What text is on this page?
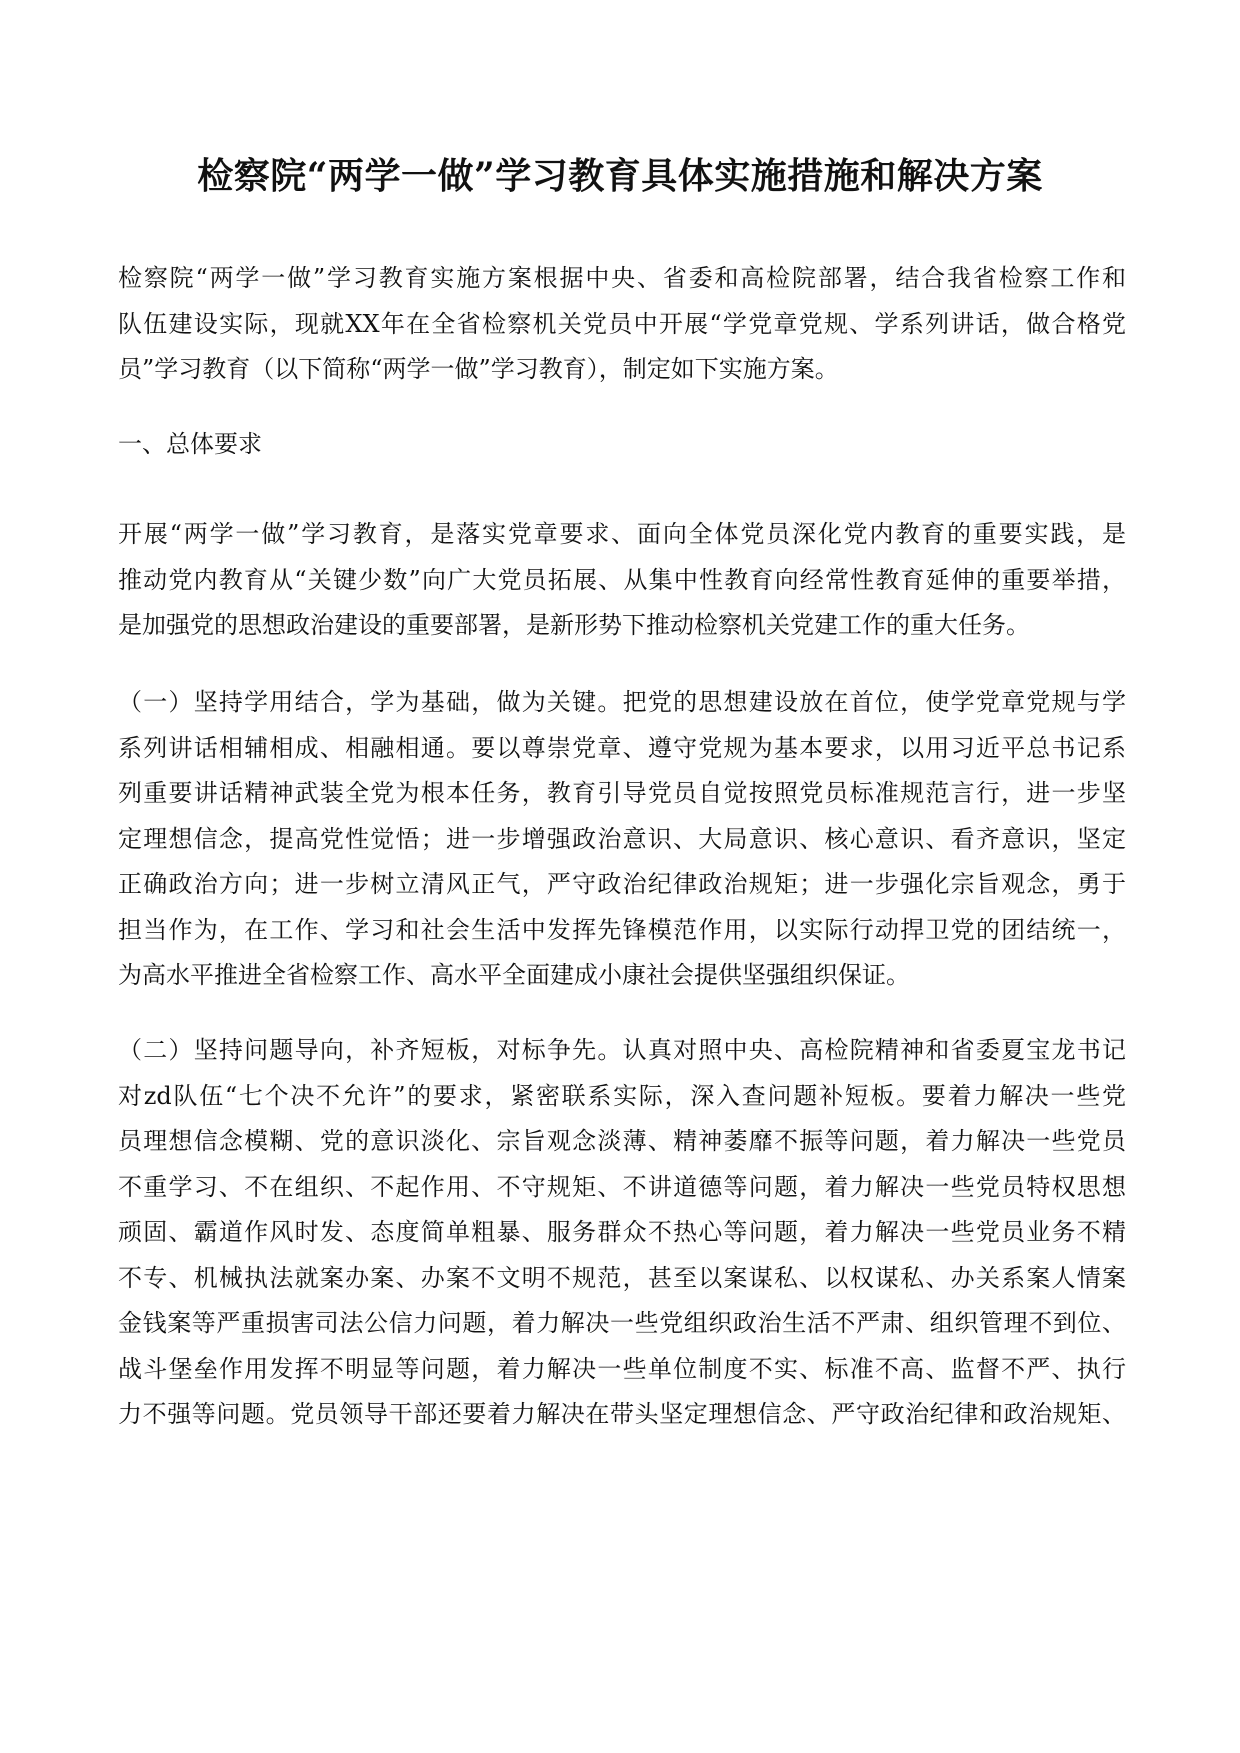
检察院“两学一做”学习教育具体实施措施和解决方案
检察院“两学一做”学习教育实施方案根据中央、省委和高检院部署，结合我省检察工作和
队伍建设实际，现就XX年在全省检察机关党员中开展“学党章党规、学系列讲话，做合格党
员”学习教育（以下简称“两学一做”学习教育），制定如下实施方案。
一、总体要求
开展“两学一做”学习教育，是落实党章要求、面向全体党员深化党内教育的重要实践，是
推动党内教育从“关键少数”向广大党员拓展、从集中性教育向经常性教育延伸的重要举措，
是加强党的思想政治建设的重要部署，是新形势下推动检察机关党建工作的重大任务。
（一）坚持学用结合，学为基础，做为关键。把党的思想建设放在首位，使学党章党规与学
系列讲话相辅相成、相融相通。要以尊崇党章、遵守党规为基本要求，以用习近平总书记系
列重要讲话精神武装全党为根本任务，教育引导党员自觉按照党员标准规范言行，进一步坚
定理想信念，提高党性觉悟；进一步增强政治意识、大局意识、核心意识、看齐意识，坚定
正确政治方向；进一步树立清风正气，严守政治纪律政治规矩；进一步强化宗旨观念，勇于
担当作为，在工作、学习和社会生活中发挥先锋模范作用，以实际行动捍卫党的团结统一，
为高水平推进全省检察工作、高水平全面建成小康社会提供坚强组织保证。
（二）坚持问题导向，补齐短板，对标争先。认真对照中央、高检院精神和省委夏宝龙书记
对zd队伍“七个决不允许”的要求，紧密联系实际，深入查问题补短板。要着力解决一些党
员理想信念模糊、党的意识淡化、宗旨观念淡薄、精神萎靡不振等问题，着力解决一些党员
不重学习、不在组织、不起作用、不守规矩、不讲道德等问题，着力解决一些党员特权思想
顽固、霸道作风时发、态度简单粗暴、服务群众不热心等问题，着力解决一些党员业务不精
不专、机械执法就案办案、办案不文明不规范，甚至以案谋私、以权谋私、办关系案人情案
金钱案等严重损害司法公信力问题，着力解决一些党组织政治生活不严肃、组织管理不到位、
战斗堡垒作用发挥不明显等问题，着力解决一些单位制度不实、标准不高、监督不严、执行
力不强等问题。党员领导干部还要着力解决在带头坚定理想信念、严守政治纪律和政治规矩、
